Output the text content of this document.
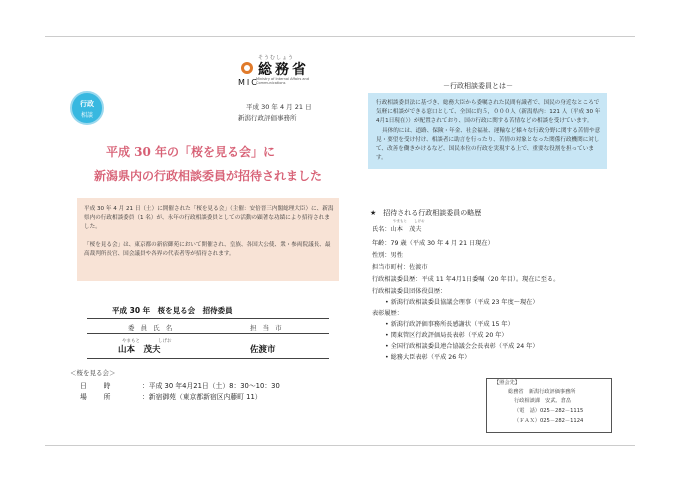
そうむしょう
総務省
MIC
Ministry of Internal Affairs and Communications
行政
相談
平成 30 年 4 月 21 日
新潟行政評価事務所
平成 30 年の「桜を見る会」に
新潟県内の行政相談委員が招待されました
平成 30 年 4 月 21 日（土）に開催された「桜を見る会」（主催：安倍晋三内閣総理大臣）に、新潟県内の行政相談委員（1 名）が、永年の行政相談委員としての活動の顕著な功績により招待されました。
「桜を見る会」は、東京都の新宿御苑において開催され、皇族、各国大公使、衆・参両院議長、最高裁判所長官、国会議員や各界の代表者等が招待されます。
平成 30 年　桜を見る会　招待委員
委 員 氏 名	担 当 市
やまもと	しげお
山本　茂夫	佐渡市
＜桜を見る会＞
日　時	：平成 30 年4月21日（土）8：30～10：30
場　所	：新宿御苑（東京都新宿区内藤町 11）
－行政相談委員とは－
行政相談委員法に基づき、総務大臣から委嘱された民間有識者で、国民の身近なところで気軽に相談ができる窓口として、全国に約５，０００人（新潟県内：121 人（平成 30 年4月1日現在））が配置されており、国の行政に関する苦情などの相談を受けています。
具体的には、道路、保険・年金、社会福祉、運輸など様々な行政分野に関する苦情や意見・要望を受け付け、相談者に助言を行ったり、苦情の対象となった関係行政機関に対して、改善を働きかけるなど、国民本位の行政を実現する上で、重要な役割を担っています。
★　招待される行政相談委員の略歴
やまもと しげお
氏名：山本　茂夫
年齢：79 歳（平成 30 年 4 月 21 日現在）
性別：男性
担当市町村：佐渡市
行政相談委員歴：平成 11 年4月1日委嘱（20 年目）。現在に至る。
行政相談委員団体役員歴：
• 新潟行政相談委員協議会理事（平成 23 年度～現在）
表彰履歴：
• 新潟行政評価事務所長感謝状（平成 15 年）
• 関東管区行政評価局長表彰（平成 20 年）
• 全国行政相談委員連合協議会会長表彰（平成 24 年）
• 総務大臣表彰（平成 26 年）
【照会先】
総務省　新潟行政評価事務所
行政相談課　安武、倉畠
（電　話）025－282－1115
（ＦＡＸ）025－282－1124
